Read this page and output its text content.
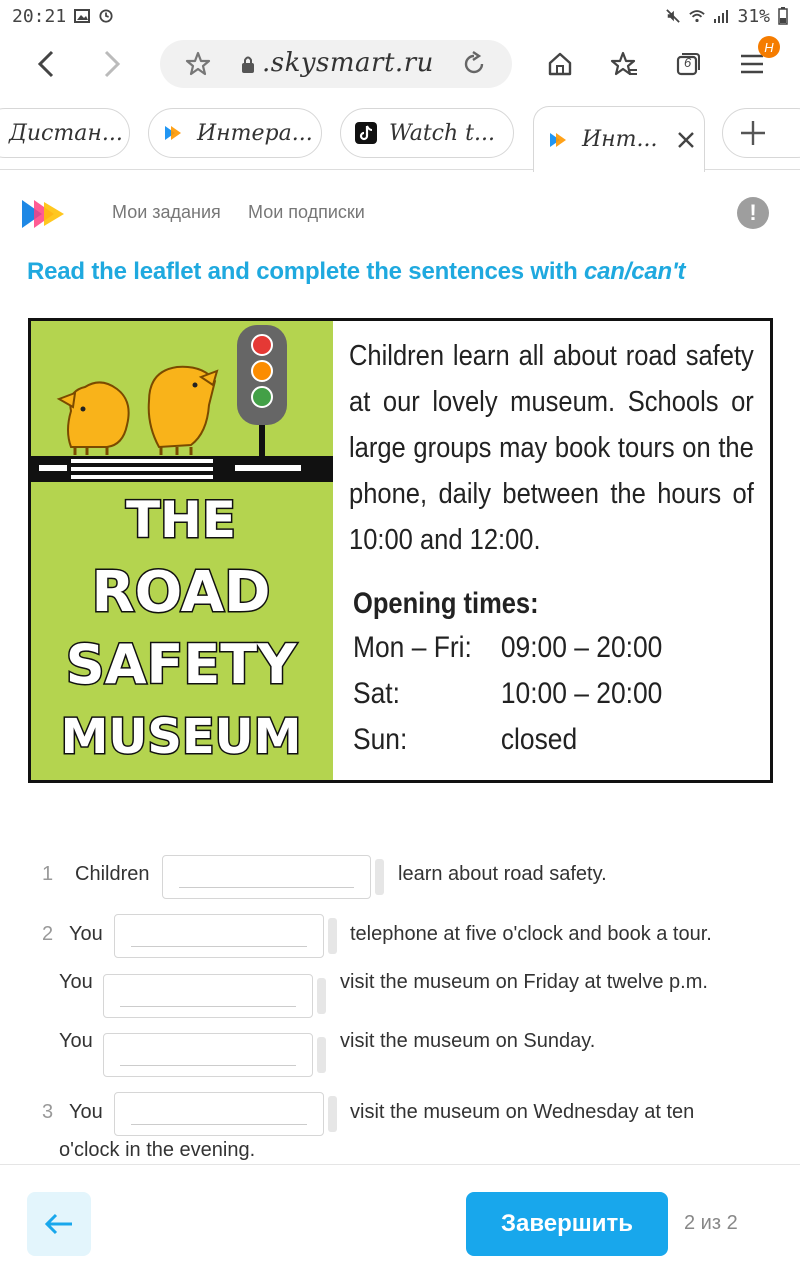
20:21	31%
.skysmart.ru	6
H
Дистан...	Интера...	Watch t...	Инт...
Мои задания Мои подписки	!
Read the leaflet and complete the sentences with can/can't
THE
ROAD
SAFETY
MUSEUM
Children learn all about road safety at our lovely museum. Schools or large groups may book tours on the phone, daily between the hours of 10:00 and 12:00.
Opening times:
Mon – Fri: 09:00 – 20:00
Sat:	10:00 – 20:00
Sun:	closed
1 Children	learn about road safety.
2 You	telephone at five o'clock and book a tour.
You	visit the museum on Friday at twelve p.m.
You	visit the museum on Sunday.
3 You	visit the museum on Wednesday at ten
o'clock in the evening.
Завершить	2 из 2
